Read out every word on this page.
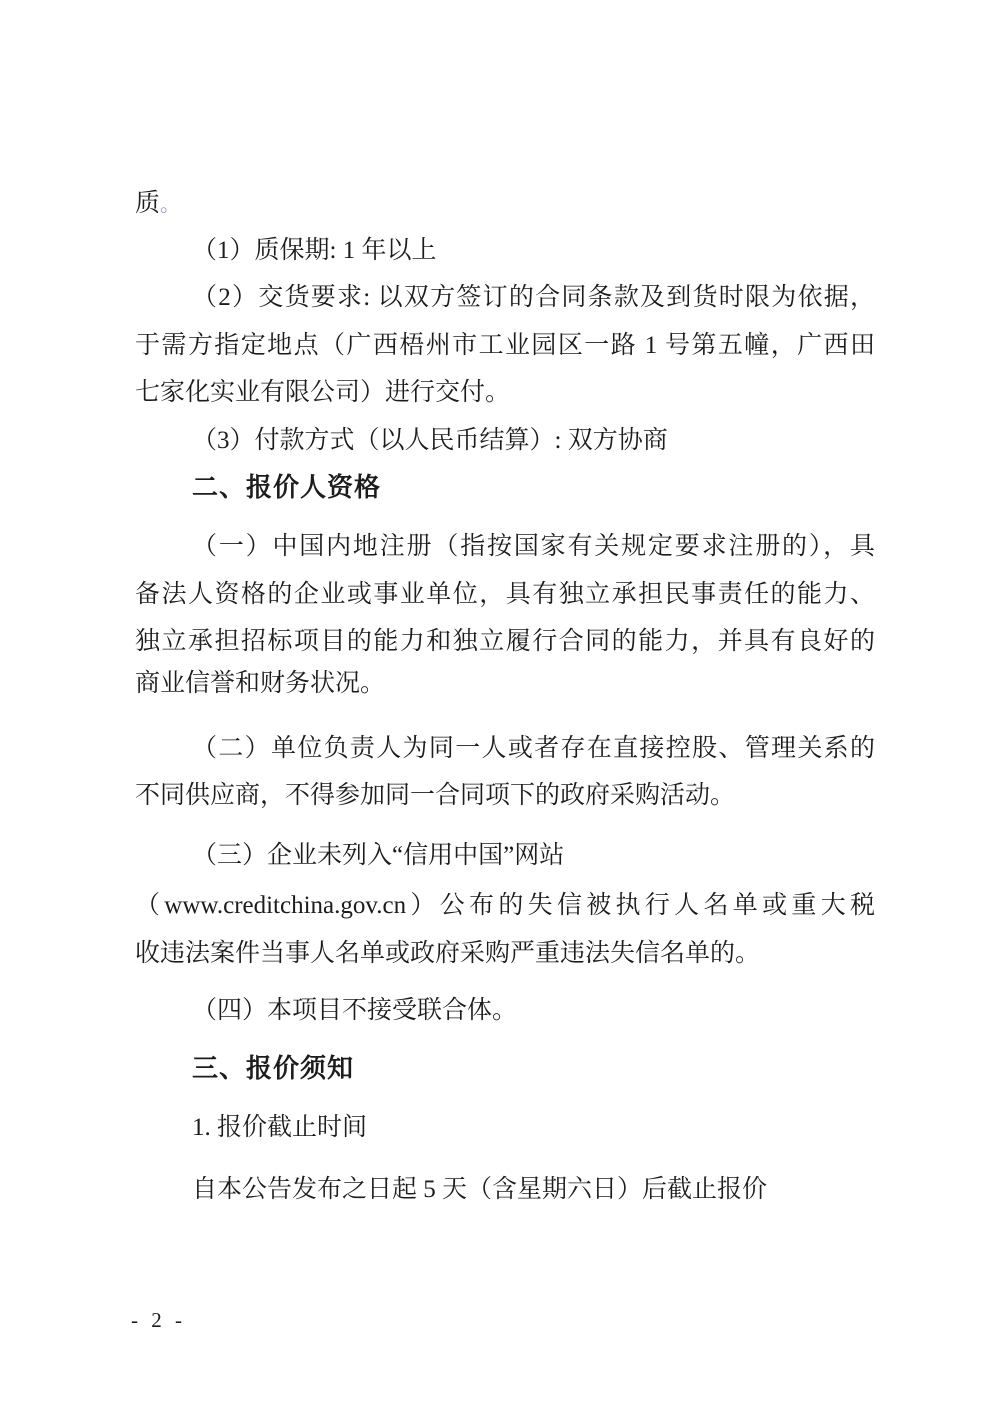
质。
（1）质保期: 1 年以上
（2）交货要求: 以双方签订的合同条款及到货时限为依据，
于需方指定地点（广西梧州市工业园区一路 1 号第五幢，广西田
七家化实业有限公司）进行交付。
（3）付款方式（以人民币结算）: 双方协商
二、报价人资格
（一）中国内地注册（指按国家有关规定要求注册的），具
备法人资格的企业或事业单位，具有独立承担民事责任的能力、
独立承担招标项目的能力和独立履行合同的能力，并具有良好的
商业信誉和财务状况。
（二）单位负责人为同一人或者存在直接控股、管理关系的
不同供应商，不得参加同一合同项下的政府采购活动。
（三）企业未列入“信用中国”网站
（www.creditchina.gov.cn）公布的失信被执行人名单或重大税
收违法案件当事人名单或政府采购严重违法失信名单的。
（四）本项目不接受联合体。
三、报价须知
1. 报价截止时间
自本公告发布之日起 5 天（含星期六日）后截止报价
- 2 -
